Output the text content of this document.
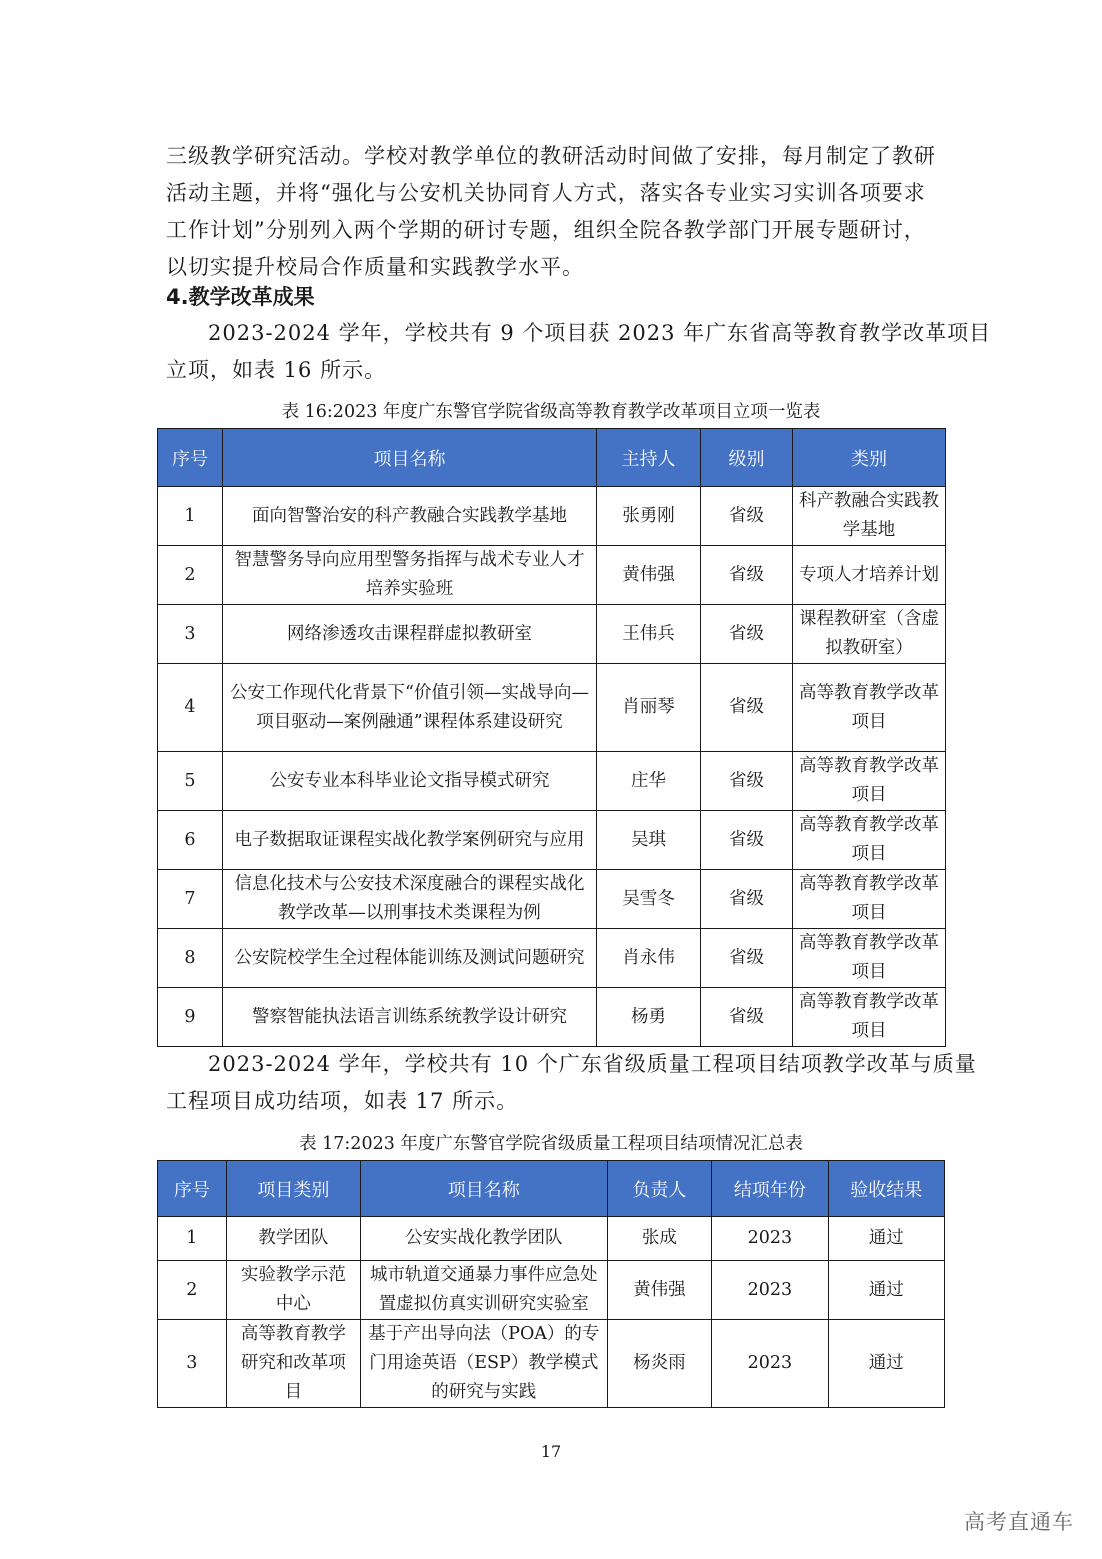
三级教学研究活动。学校对教学单位的教研活动时间做了安排，每月制定了教研
活动主题，并将“强化与公安机关协同育人方式，落实各专业实习实训各项要求
工作计划”分别列入两个学期的研讨专题，组织全院各教学部门开展专题研讨，
以切实提升校局合作质量和实践教学水平。
4.教学改革成果
2023-2024 学年，学校共有 9 个项目获 2023 年广东省高等教育教学改革项目
立项，如表 16 所示。
表 16:2023 年度广东警官学院省级高等教育教学改革项目立项一览表
序号	项目名称	主持人	级别	类别
1	面向智警治安的科产教融合实践教学基地	张勇刚	省级	科产教融合实践教学基地
2	智慧警务导向应用型警务指挥与战术专业人才培养实验班	黄伟强	省级	专项人才培养计划
3	网络渗透攻击课程群虚拟教研室	王伟兵	省级	课程教研室（含虚拟教研室）
4	公安工作现代化背景下“价值引领—实战导向—项目驱动—案例融通”课程体系建设研究	肖丽琴	省级	高等教育教学改革项目
5	公安专业本科毕业论文指导模式研究	庄华	省级	高等教育教学改革项目
6	电子数据取证课程实战化教学案例研究与应用	吴琪	省级	高等教育教学改革项目
7	信息化技术与公安技术深度融合的课程实战化教学改革—以刑事技术类课程为例	吴雪冬	省级	高等教育教学改革项目
8	公安院校学生全过程体能训练及测试问题研究	肖永伟	省级	高等教育教学改革项目
9	警察智能执法语言训练系统教学设计研究	杨勇	省级	高等教育教学改革项目
2023-2024 学年，学校共有 10 个广东省级质量工程项目结项教学改革与质量
工程项目成功结项，如表 17 所示。
表 17:2023 年度广东警官学院省级质量工程项目结项情况汇总表
序号	项目类别	项目名称	负责人	结项年份	验收结果
1	教学团队	公安实战化教学团队	张成	2023	通过
2	实验教学示范中心	城市轨道交通暴力事件应急处置虚拟仿真实训研究实验室	黄伟强	2023	通过
3	高等教育教学研究和改革项目	基于产出导向法（POA）的专门用途英语（ESP）教学模式的研究与实践	杨炎雨	2023	通过
17
高考直通车
